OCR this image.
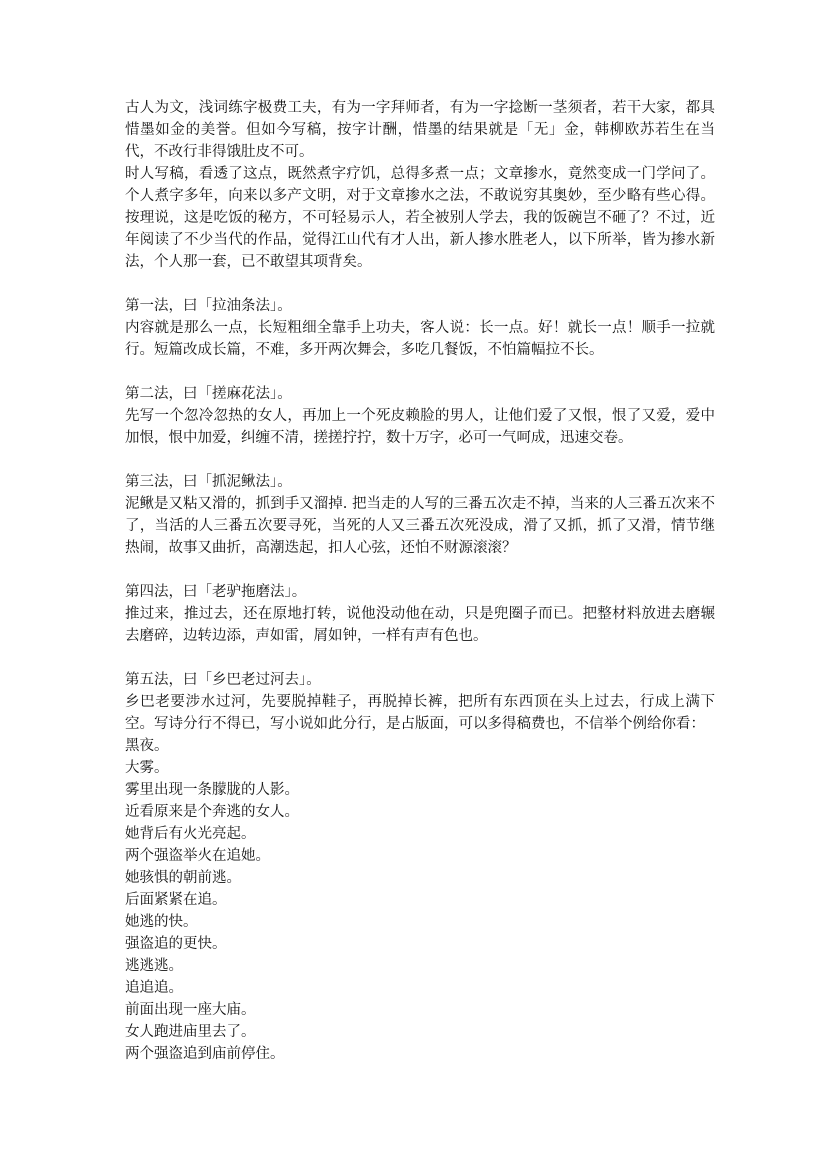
古人为文，浅词练字极费工夫，有为一字拜师者，有为一字捻断一茎须者，若干大家，都具惜墨如金的美誉。但如今写稿，按字计酬，惜墨的结果就是「无」金，韩柳欧苏若生在当代，不改行非得饿肚皮不可。

时人写稿，看透了这点，既然煮字疗饥，总得多煮一点；文章掺水，竟然变成一门学问了。个人煮字多年，向来以多产文明，对于文章掺水之法，不敢说穷其奥妙，至少略有些心得。按理说，这是吃饭的秘方，不可轻易示人，若全被别人学去，我的饭碗岂不砸了？不过，近年阅读了不少当代的作品，觉得江山代有才人出，新人掺水胜老人，以下所举，皆为掺水新法，个人那一套，已不敢望其项背矣。

第一法，曰「拉油条法」。

内容就是那么一点，长短粗细全靠手上功夫，客人说：长一点。好！就长一点！顺手一拉就行。短篇改成长篇，不难，多开两次舞会，多吃几餐饭，不怕篇幅拉不长。

第二法，曰「搓麻花法」。

先写一个忽冷忽热的女人，再加上一个死皮赖脸的男人，让他们爱了又恨，恨了又爱，爱中加恨，恨中加爱，纠缠不清，搓搓拧拧，数十万字，必可一气呵成，迅速交卷。

第三法，曰「抓泥鳅法」。

泥鳅是又粘又滑的，抓到手又溜掉. 把当走的人写的三番五次走不掉，当来的人三番五次来不了，当活的人三番五次要寻死，当死的人又三番五次死没成，滑了又抓，抓了又滑，情节继热闹，故事又曲折，高潮迭起，扣人心弦，还怕不财源滚滚？

第四法，曰「老驴拖磨法」。

推过来，推过去，还在原地打转，说他没动他在动，只是兜圈子而已。把整材料放进去磨辗去磨碎，边转边添，声如雷，屑如钟，一样有声有色也。

第五法，曰「乡巴老过河去」。

乡巴老要涉水过河，先要脱掉鞋子，再脱掉长裤，把所有东西顶在头上过去，行成上满下空。写诗分行不得已，写小说如此分行，是占版面，可以多得稿费也，不信举个例给你看：

黑夜。

大雾。

雾里出现一条朦胧的人影。

近看原来是个奔逃的女人。

她背后有火光亮起。

两个强盗举火在追她。

她骇惧的朝前逃。

后面紧紧在追。

她逃的快。

强盗追的更快。

逃逃逃。

追追追。

前面出现一座大庙。

女人跑进庙里去了。

两个强盗追到庙前停住。
